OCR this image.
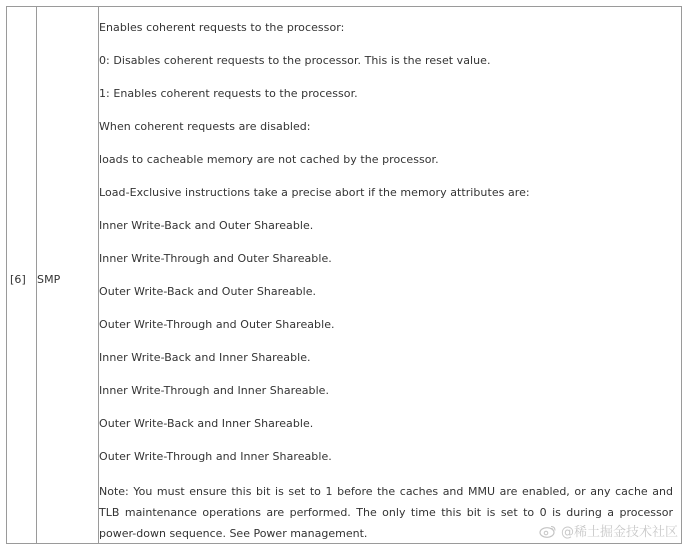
[6] SMP
Enables coherent requests to the processor:
0: Disables coherent requests to the processor. This is the reset value.
1: Enables coherent requests to the processor.
When coherent requests are disabled:
loads to cacheable memory are not cached by the processor.
Load-Exclusive instructions take a precise abort if the memory attributes are:
Inner Write-Back and Outer Shareable.
Inner Write-Through and Outer Shareable.
Outer Write-Back and Outer Shareable.
Outer Write-Through and Outer Shareable.
Inner Write-Back and Inner Shareable.
Inner Write-Through and Inner Shareable.
Outer Write-Back and Inner Shareable.
Outer Write-Through and Inner Shareable.
Note: You must ensure this bit is set to 1 before the caches and MMU are enabled, or any cache and TLB maintenance operations are performed. The only time this bit is set to 0 is during a processor power-down sequence. See Power management.	@稀土掘金技术社区
